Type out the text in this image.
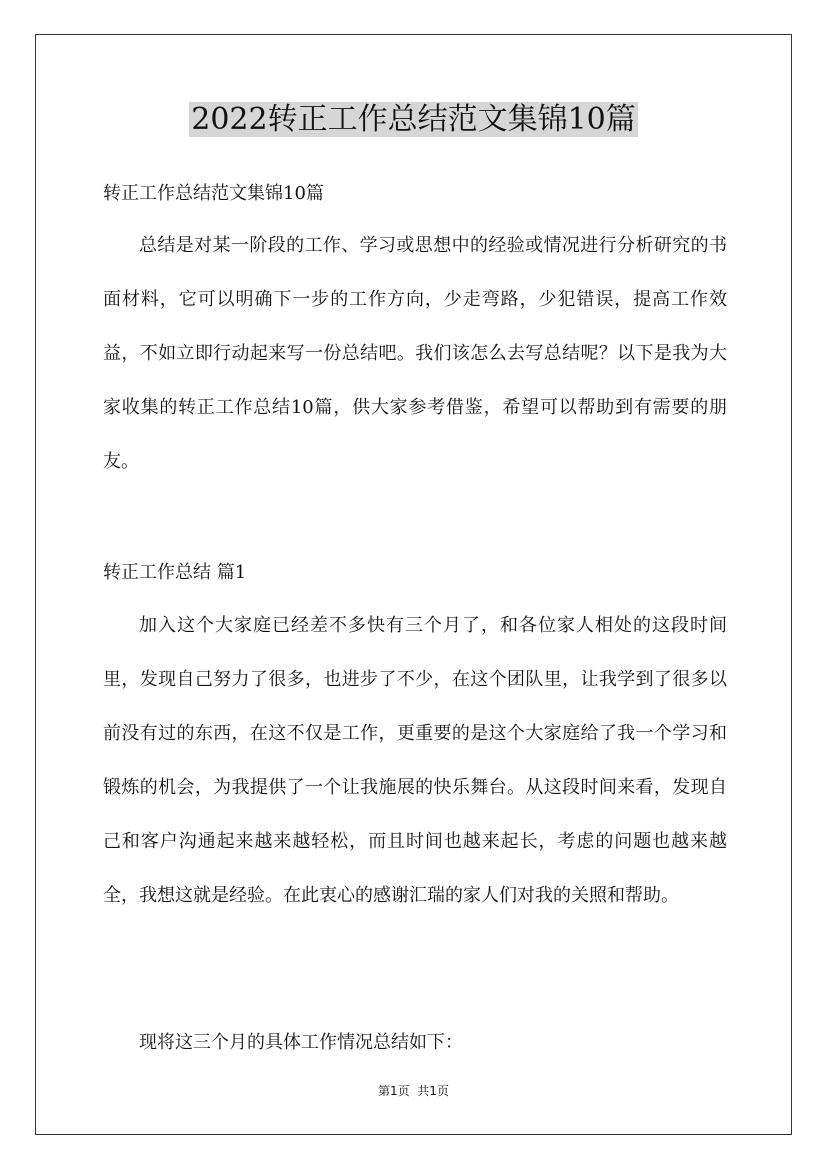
2022转正工作总结范文集锦10篇
转正工作总结范文集锦10篇

总结是对某一阶段的工作、学习或思想中的经验或情况进行分析研究的书面材料，它可以明确下一步的工作方向，少走弯路，少犯错误，提高工作效益，不如立即行动起来写一份总结吧。我们该怎么去写总结呢？以下是我为大家收集的转正工作总结10篇，供大家参考借鉴，希望可以帮助到有需要的朋友。

转正工作总结 篇1

加入这个大家庭已经差不多快有三个月了，和各位家人相处的这段时间里，发现自己努力了很多，也进步了不少，在这个团队里，让我学到了很多以前没有过的东西，在这不仅是工作，更重要的是这个大家庭给了我一个学习和锻炼的机会，为我提供了一个让我施展的快乐舞台。从这段时间来看，发现自己和客户沟通起来越来越轻松，而且时间也越来起长，考虑的问题也越来越全，我想这就是经验。在此衷心的感谢汇瑞的家人们对我的关照和帮助。

现将这三个月的具体工作情况总结如下：

第1页  共1页
